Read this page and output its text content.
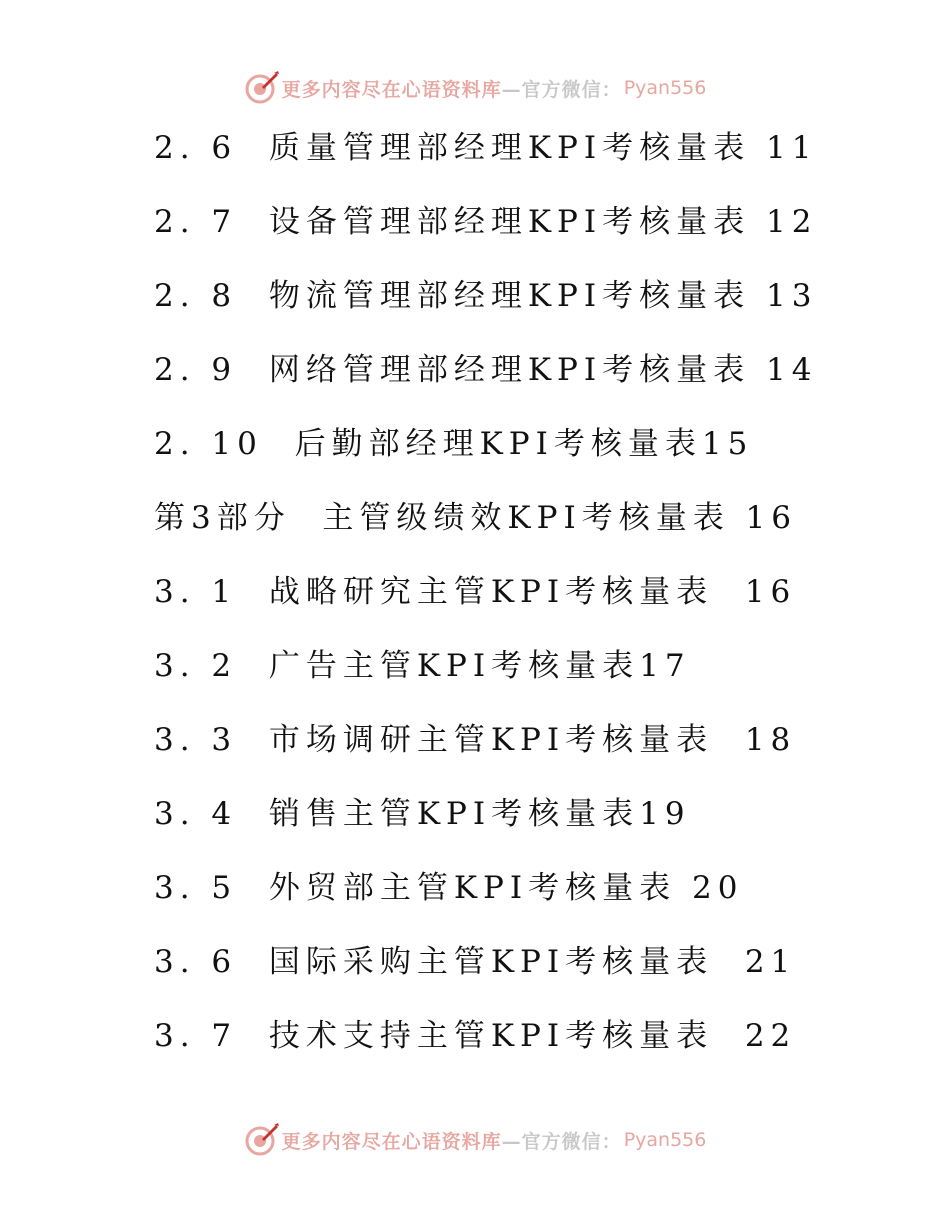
更多内容尽在心语资料库 —官方微信： Pyan556
2. 6  质量管理部经理KPI考核量表 11
2. 7  设备管理部经理KPI考核量表 12
2. 8  物流管理部经理KPI考核量表 13
2. 9  网络管理部经理KPI考核量表 14
2. 10  后勤部经理KPI考核量表15
第3部分  主管级绩效KPI考核量表 16
3. 1  战略研究主管KPI考核量表  16
3. 2  广告主管KPI考核量表17
3. 3  市场调研主管KPI考核量表  18
3. 4  销售主管KPI考核量表19
3. 5  外贸部主管KPI考核量表 20
3. 6  国际采购主管KPI考核量表  21
3. 7  技术支持主管KPI考核量表  22
更多内容尽在心语资料库 —官方微信： Pyan556
